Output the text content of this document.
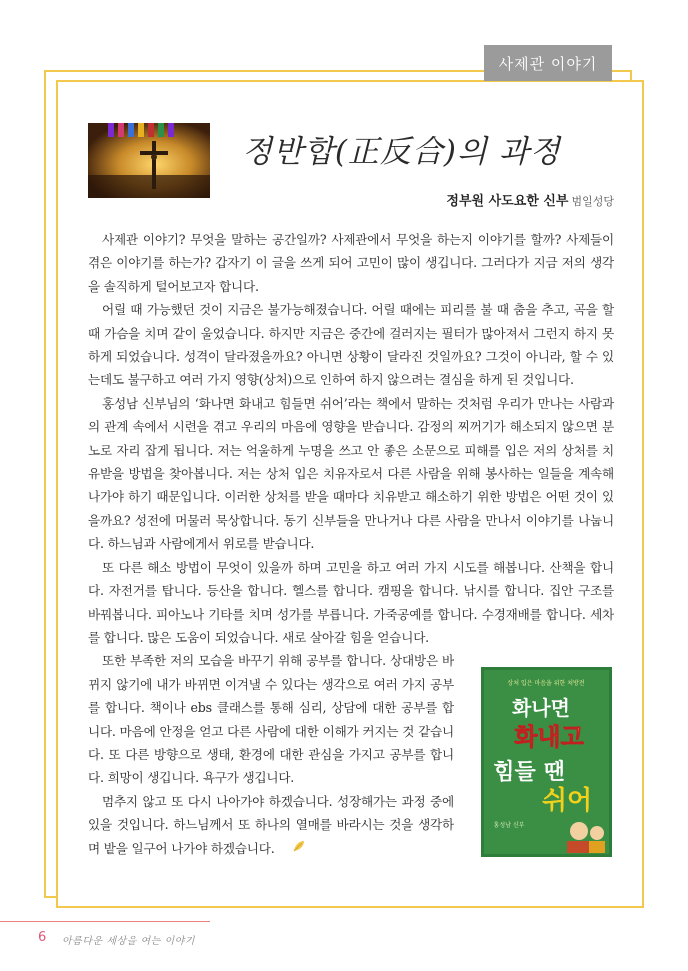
사제관 이야기
정반합(正反合)의 과정
정부원 사도요한 신부 범일성당

사제관 이야기? 무엇을 말하는 공간일까? 사제관에서 무엇을 하는지 이야기를 할까? 사제들이 겪은 이야기를 하는가? 갑자기 이 글을 쓰게 되어 고민이 많이 생깁니다. 그러다가 지금 저의 생각을 솔직하게 털어보고자 합니다.

어릴 때 가능했던 것이 지금은 불가능해졌습니다. 어릴 때에는 피리를 불 때 춤을 추고, 곡을 할 때 가슴을 치며 같이 울었습니다. 하지만 지금은 중간에 걸러지는 필터가 많아져서 그런지 하지 못하게 되었습니다. 성격이 달라졌을까요? 아니면 상황이 달라진 것일까요? 그것이 아니라, 할 수 있는데도 불구하고 여러 가지 영향(상처)으로 인하여 하지 않으려는 결심을 하게 된 것입니다.

홍성남 신부님의 ‘화나면 화내고 힘들면 쉬어’라는 책에서 말하는 것처럼 우리가 만나는 사람과의 관계 속에서 시련을 겪고 우리의 마음에 영향을 받습니다. 감정의 찌꺼기가 해소되지 않으면 분노로 자리 잡게 됩니다. 저는 억울하게 누명을 쓰고 안 좋은 소문으로 피해를 입은 저의 상처를 치유받을 방법을 찾아봅니다. 저는 상처 입은 치유자로서 다른 사람을 위해 봉사하는 일들을 계속해 나가야 하기 때문입니다. 이러한 상처를 받을 때마다 치유받고 해소하기 위한 방법은 어떤 것이 있을까요? 성전에 머물러 묵상합니다. 동기 신부들을 만나거나 다른 사람을 만나서 이야기를 나눕니다. 하느님과 사람에게서 위로를 받습니다.

또 다른 해소 방법이 무엇이 있을까 하며 고민을 하고 여러 가지 시도를 해봅니다. 산책을 합니다. 자전거를 탑니다. 등산을 합니다. 헬스를 합니다. 캠핑을 합니다. 낚시를 합니다. 집안 구조를 바꿔봅니다. 피아노나 기타를 치며 성가를 부릅니다. 가죽공예를 합니다. 수경재배를 합니다. 세차를 합니다. 많은 도움이 되었습니다. 새로 살아갈 힘을 얻습니다.

또한 부족한 저의 모습을 바꾸기 위해 공부를 합니다. 상대방은 바뀌지 않기에 내가 바뀌면 이겨낼 수 있다는 생각으로 여러 가지 공부를 합니다. 책이나 ebs 클래스를 통해 심리, 상담에 대한 공부를 합니다. 마음에 안정을 얻고 다른 사람에 대한 이해가 커지는 것 같습니다. 또 다른 방향으로 생태, 환경에 대한 관심을 가지고 공부를 합니다. 희망이 생깁니다. 욕구가 생깁니다.

멈추지 않고 또 다시 나아가야 하겠습니다. 성장해가는 과정 중에 있을 것입니다. 하느님께서 또 하나의 열매를 바라시는 것을 생각하며 밭을 일구어 나가야 하겠습니다.

상처 입은 마음을 위한 처방전
화나면
화내고
힘들 땐
쉬어
홍성남 신부
6 아름다운 세상을 여는 이야기
